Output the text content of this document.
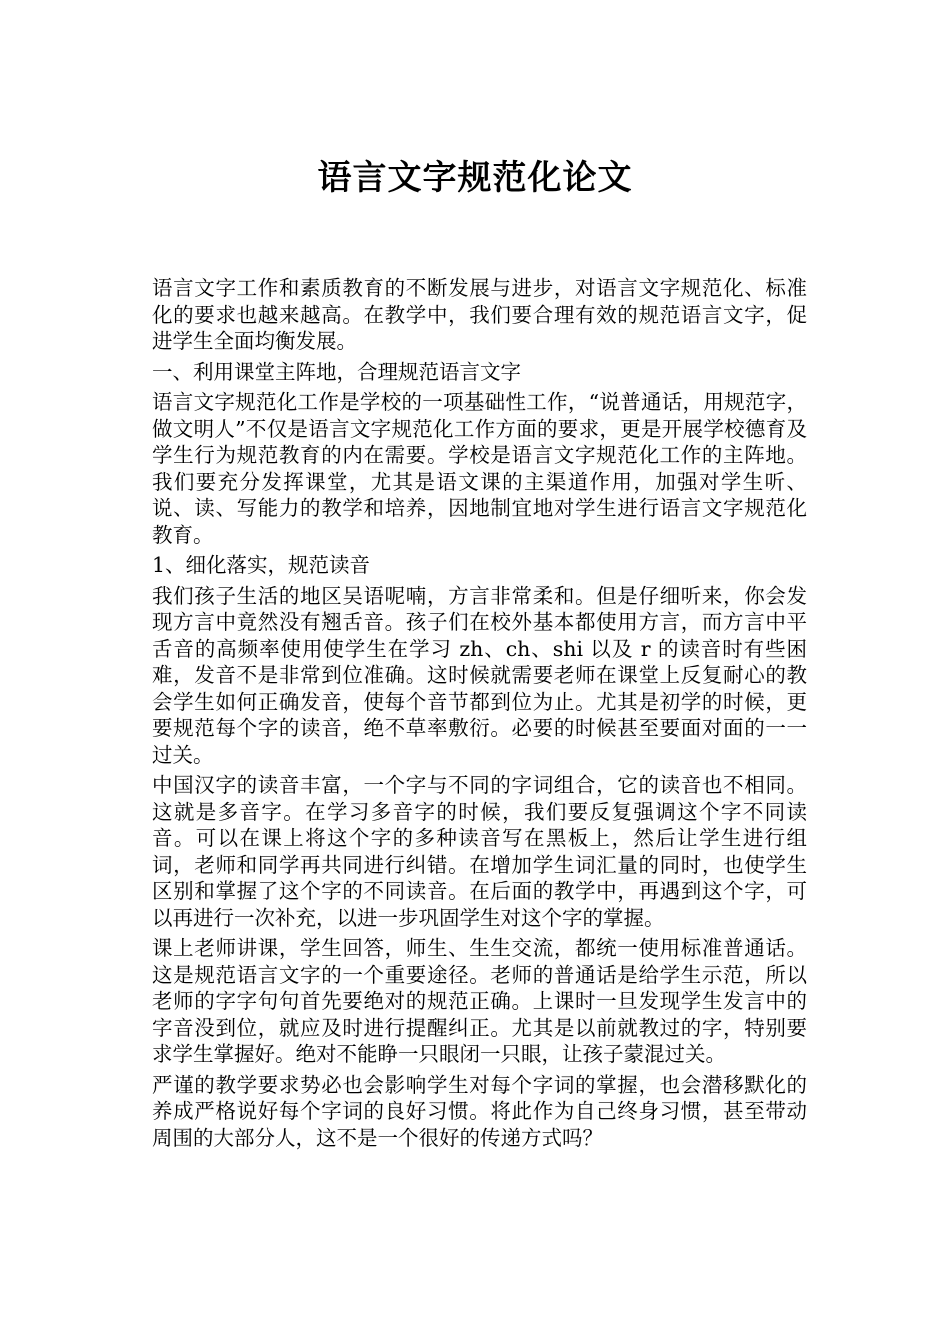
语言文字规范化论文

语言文字工作和素质教育的不断发展与进步，对语言文字规范化、标准化的要求也越来越高。在教学中，我们要合理有效的规范语言文字，促进学生全面均衡发展。

一、利用课堂主阵地，合理规范语言文字

语言文字规范化工作是学校的一项基础性工作，“说普通话，用规范字，做文明人”不仅是语言文字规范化工作方面的要求，更是开展学校德育及学生行为规范教育的内在需要。学校是语言文字规范化工作的主阵地。我们要充分发挥课堂，尤其是语文课的主渠道作用，加强对学生听、说、读、写能力的教学和培养，因地制宜地对学生进行语言文字规范化教育。

1、细化落实，规范读音

我们孩子生活的地区吴语呢喃，方言非常柔和。但是仔细听来，你会发现方言中竟然没有翘舌音。孩子们在校外基本都使用方言，而方言中平舌音的高频率使用使学生在学习 zh、ch、shi 以及 r 的读音时有些困难，发音不是非常到位准确。这时候就需要老师在课堂上反复耐心的教会学生如何正确发音，使每个音节都到位为止。尤其是初学的时候，更要规范每个字的读音，绝不草率敷衍。必要的时候甚至要面对面的一一过关。

中国汉字的读音丰富，一个字与不同的字词组合，它的读音也不相同。这就是多音字。在学习多音字的时候，我们要反复强调这个字不同读音。可以在课上将这个字的多种读音写在黑板上，然后让学生进行组词，老师和同学再共同进行纠错。在增加学生词汇量的同时，也使学生区别和掌握了这个字的不同读音。在后面的教学中，再遇到这个字，可以再进行一次补充，以进一步巩固学生对这个字的掌握。

课上老师讲课，学生回答，师生、生生交流，都统一使用标准普通话。这是规范语言文字的一个重要途径。老师的普通话是给学生示范，所以老师的字字句句首先要绝对的规范正确。上课时一旦发现学生发言中的字音没到位，就应及时进行提醒纠正。尤其是以前就教过的字，特别要求学生掌握好。绝对不能睁一只眼闭一只眼，让孩子蒙混过关。

严谨的教学要求势必也会影响学生对每个字词的掌握，也会潜移默化的养成严格说好每个字词的良好习惯。将此作为自己终身习惯，甚至带动周围的大部分人，这不是一个很好的传递方式吗？
